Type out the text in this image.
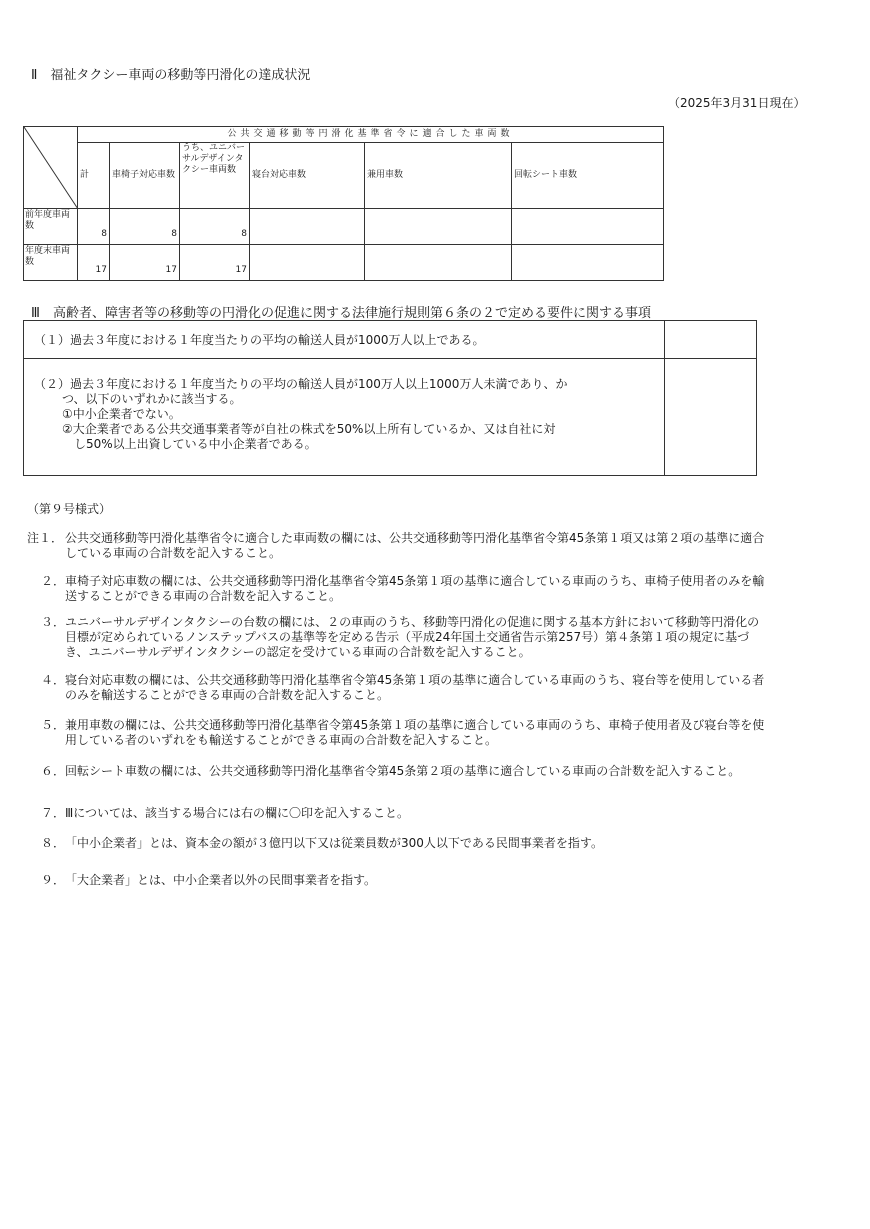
Ⅱ　福祉タクシー車両の移動等円滑化の達成状況
（2025年3月31日現在）
	公共交通移動等円滑化基準省令に適合した車両数					
	計	車椅子対応車数	うち、ユニバーサルデザインタクシー車両数	寝台対応車数	兼用車数	回転シート車数
前年度車両数	8	8	8			
年度末車両数	17	17	17			
Ⅲ　高齢者、障害者等の移動等の円滑化の促進に関する法律施行規則第６条の２で定める要件に関する事項
（１）過去３年度における１年度当たりの平均の輸送人員が1000万人以上である。	

（２）過去３年度における１年度当たりの平均の輸送人員が100万人以上1000万人未満であり、か
つ、以下のいずれかに該当する。
①中小企業者でない。
②大企業者である公共交通事業者等が自社の株式を50%以上所有しているか、又は自社に対
し50%以上出資している中小企業者である。	

（第９号様式）
注１． 公共交通移動等円滑化基準省令に適合した車両数の欄には、公共交通移動等円滑化基準省令第45条第１項又は第２項の基準に適合している車両の合計数を記入すること。
２． 車椅子対応車数の欄には、公共交通移動等円滑化基準省令第45条第１項の基準に適合している車両のうち、車椅子使用者のみを輸送することができる車両の合計数を記入すること。
３． ユニバーサルデザインタクシーの台数の欄には、２の車両のうち、移動等円滑化の促進に関する基本方針において移動等円滑化の目標が定められているノンステップバスの基準等を定める告示（平成24年国土交通省告示第257号）第４条第１項の規定に基づき、ユニバーサルデザインタクシーの認定を受けている車両の合計数を記入すること。
４． 寝台対応車数の欄には、公共交通移動等円滑化基準省令第45条第１項の基準に適合している車両のうち、寝台等を使用している者のみを輸送することができる車両の合計数を記入すること。
５． 兼用車数の欄には、公共交通移動等円滑化基準省令第45条第１項の基準に適合している車両のうち、車椅子使用者及び寝台等を使用している者のいずれをも輸送することができる車両の合計数を記入すること。
６． 回転シート車数の欄には、公共交通移動等円滑化基準省令第45条第２項の基準に適合している車両の合計数を記入すること。
７． Ⅲについては、該当する場合には右の欄に〇印を記入すること。
８． 「中小企業者」とは、資本金の額が３億円以下又は従業員数が300人以下である民間事業者を指す。
９． 「大企業者」とは、中小企業者以外の民間事業者を指す。
